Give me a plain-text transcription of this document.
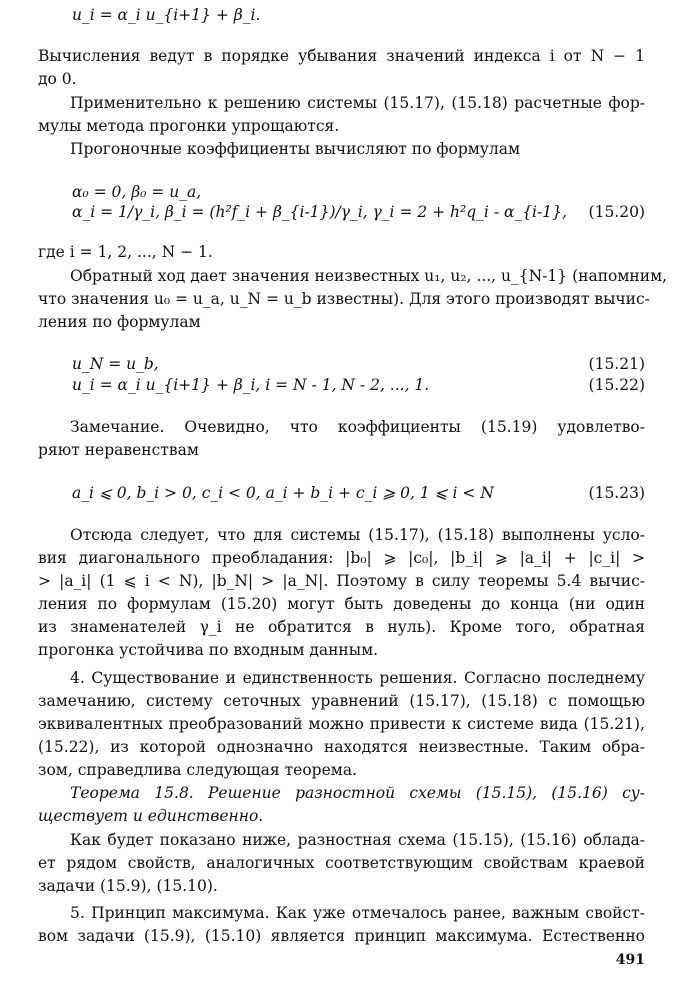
u_i = α_i u_{i+1} + β_i.
Вычисления ведут в порядке убывания значений индекса i от N − 1
до 0.
Применительно к решению системы (15.17), (15.18) расчетные фор-
мулы метода прогонки упрощаются.
Прогоночные коэффициенты вычисляют по формулам
α₀ = 0, β₀ = u_a,
α_i = 1/γ_i, β_i = (h²f_i + β_{i-1})/γ_i, γ_i = 2 + h²q_i - α_{i-1}, (15.20)
где i = 1, 2, ..., N − 1.
Обратный ход дает значения неизвестных u₁, u₂, ..., u_{N-1} (напомним,
что значения u₀ = u_a, u_N = u_b известны). Для этого производят вычис-
ления по формулам
u_N = u_b,	(15.21)
u_i = α_i u_{i+1} + β_i, i = N - 1, N - 2, ..., 1.	(15.22)
Замечание. Очевидно, что коэффициенты (15.19) удовлетво-
ряют неравенствам
a_i ⩽ 0, b_i > 0, c_i < 0, a_i + b_i + c_i ⩾ 0, 1 ⩽ i < N	(15.23)
Отсюда следует, что для системы (15.17), (15.18) выполнены усло-
вия диагонального преобладания: |b₀| ⩾ |c₀|, |b_i| ⩾ |a_i| + |c_i| >
> |a_i| (1 ⩽ i < N), |b_N| > |a_N|. Поэтому в силу теоремы 5.4 вычис-
ления по формулам (15.20) могут быть доведены до конца (ни один
из знаменателей γ_i не обратится в нуль). Кроме того, обратная
прогонка устойчива по входным данным.
4. Существование и единственность решения. Согласно последнему
замечанию, систему сеточных уравнений (15.17), (15.18) с помощью
эквивалентных преобразований можно привести к системе вида (15.21),
(15.22), из которой однозначно находятся неизвестные. Таким обра-
зом, справедлива следующая теорема.
Теорема 15.8. Решение разностной схемы (15.15), (15.16) су-
ществует и единственно.
Как будет показано ниже, разностная схема (15.15), (15.16) облада-
ет рядом свойств, аналогичных соответствующим свойствам краевой
задачи (15.9), (15.10).
5. Принцип максимума. Как уже отмечалось ранее, важным свойст-
вом задачи (15.9), (15.10) является принцип максимума. Естественно
491
